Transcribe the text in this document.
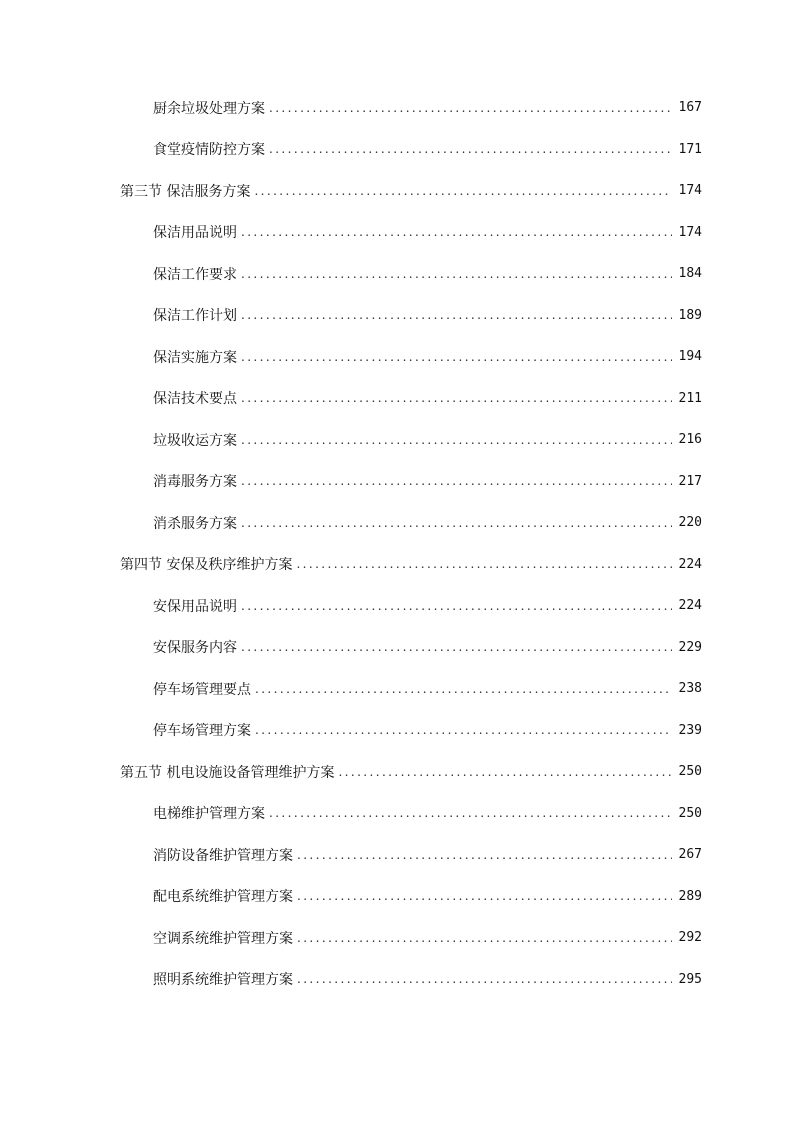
厨余垃圾处理方案 .....	167
食堂疫情防控方案 .....	171
第三节 保洁服务方案 .....	174
保洁用品说明 .....	174
保洁工作要求 .....	184
保洁工作计划 .....	189
保洁实施方案 .....	194
保洁技术要点 .....	211
垃圾收运方案 .....	216
消毒服务方案 .....	217
消杀服务方案 .....	220
第四节 安保及秩序维护方案 .....	224
安保用品说明 .....	224
安保服务内容 .....	229
停车场管理要点 .....	238
停车场管理方案 .....	239
第五节 机电设施设备管理维护方案 .....	250
电梯维护管理方案 .....	250
消防设备维护管理方案 .....	267
配电系统维护管理方案 .....	289
空调系统维护管理方案 .....	292
照明系统维护管理方案 .....	295
